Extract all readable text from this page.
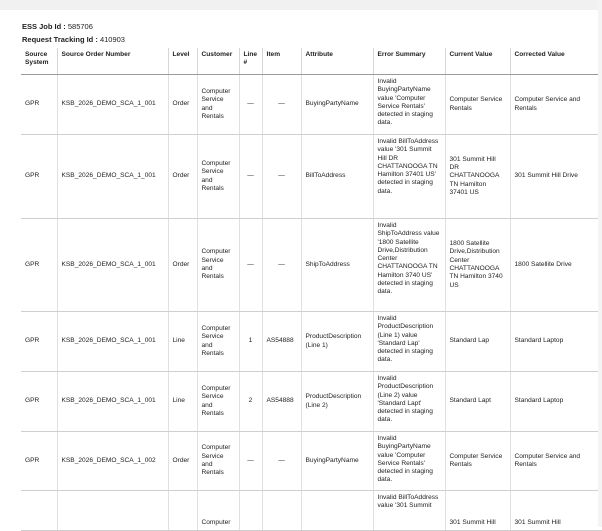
ESS Job Id : 585706
Request Tracking Id : 410903
Source System	Source Order Number	Level	Customer	Line #	Item	Attribute	Error Summary	Current Value	Corrected Value
GPR	KSB_2026_DEMO_SCA_1_001	Order	Computer Service and Rentals	—	—	BuyingPartyName	Invalid BuyingPartyName value 'Computer Service Rentals' detected in staging data.	Computer Service Rentals	Computer Service and Rentals
GPR	KSB_2026_DEMO_SCA_1_001	Order	Computer Service and Rentals	—	—	BillToAddress	Invalid BillToAddress value '301 Summit Hill DR CHATTANOOGA TN Hamilton 37401 US' detected in staging data.	301 Summit Hill DR CHATTANOOGA TN Hamilton 37401 US	301 Summit Hill Drive
GPR	KSB_2026_DEMO_SCA_1_001	Order	Computer Service and Rentals	—	—	ShipToAddress	Invalid ShipToAddress value '1800 Satellite Drive,Distribution Center CHATTANOOGA TN Hamilton 3740 US' detected in staging data.	1800 Satellite Drive,Distribution Center CHATTANOOGA TN Hamilton 3740 US	1800 Satellite Drive
GPR	KSB_2026_DEMO_SCA_1_001	Line	Computer Service and Rentals	1	AS54888	ProductDescription (Line 1)	Invalid ProductDescription (Line 1) value 'Standard Lap' detected in staging data.	Standard Lap	Standard Laptop
GPR	KSB_2026_DEMO_SCA_1_001	Line	Computer Service and Rentals	2	AS54888	ProductDescription (Line 2)	Invalid ProductDescription (Line 2) value 'Standard Lapt' detected in staging data.	Standard Lapt	Standard Laptop
GPR	KSB_2026_DEMO_SCA_1_002	Order	Computer Service and Rentals	—	—	BuyingPartyName	Invalid BuyingPartyName value 'Computer Service Rentals' detected in staging data.	Computer Service Rentals	Computer Service and Rentals
			Computer				Invalid BillToAddress value '301 Summit	301 Summit Hill	301 Summit Hill
